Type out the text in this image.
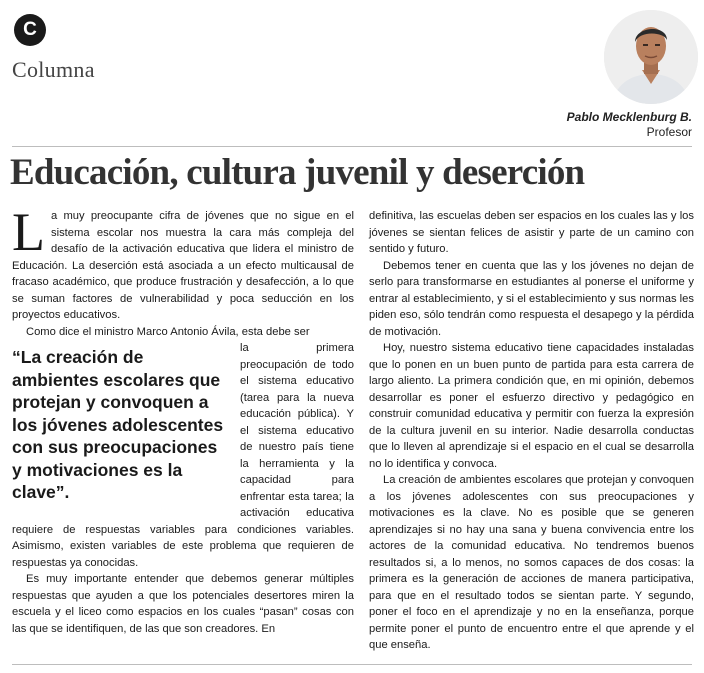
C
Columna
Pablo Mecklenburg B.
Profesor
Educación, cultura juvenil y deserción

La muy preocupante cifra de jóvenes que no sigue en el sistema escolar nos muestra la cara más compleja del desafío de la activación educativa que lidera el ministro de Educación. La deserción está asociada a un efecto multicausal de fracaso académico, que produce frustración y desafección, a lo que se suman factores de vulnerabilidad y poca seducción en los proyectos educativos.

Como dice el ministro Marco Antonio Ávila, esta debe ser

“La creación de ambientes escolares que protejan y convoquen a los jóvenes adolescentes con sus preocupaciones y motivaciones es la clave”.

la primera preocupación de todo el sistema educativo (tarea para la nueva educación pública). Y el sistema educativo de nuestro país tiene la herramienta y la capacidad para enfrentar esta tarea; la activación educativa requiere de respuestas variables para condiciones variables. Asimismo, existen variables de este problema que requieren de respuestas ya conocidas.

Es muy importante entender que debemos generar múltiples respuestas que ayuden a que los potenciales desertores miren la escuela y el liceo como espacios en los cuales “pasan” cosas con las que se identifiquen, de las que son creadores. En

definitiva, las escuelas deben ser espacios en los cuales las y los jóvenes se sientan felices de asistir y parte de un camino con sentido y futuro.

Debemos tener en cuenta que las y los jóvenes no dejan de serlo para transformarse en estudiantes al ponerse el uniforme y entrar al establecimiento, y si el establecimiento y sus normas les piden eso, sólo tendrán como respuesta el desapego y la pérdida de motivación.

Hoy, nuestro sistema educativo tiene capacidades instaladas que lo ponen en un buen punto de partida para esta carrera de largo aliento. La primera condición que, en mi opinión, debemos desarrollar es poner el esfuerzo directivo y pedagógico en construir comunidad educativa y permitir con fuerza la expresión de la cultura juvenil en su interior. Nadie desarrolla conductas que lo lleven al aprendizaje si el espacio en el cual se desarrolla no lo identifica y convoca.

La creación de ambientes escolares que protejan y convoquen a los jóvenes adolescentes con sus preocupaciones y motivaciones es la clave. No es posible que se generen aprendizajes si no hay una sana y buena convivencia entre los actores de la comunidad educativa. No tendremos buenos resultados si, a lo menos, no somos capaces de dos cosas: la primera es la generación de acciones de manera participativa, para que en el resultado todos se sientan parte. Y segundo, poner el foco en el aprendizaje y no en la enseñanza, porque permite poner el punto de encuentro entre el que aprende y el que enseña.
